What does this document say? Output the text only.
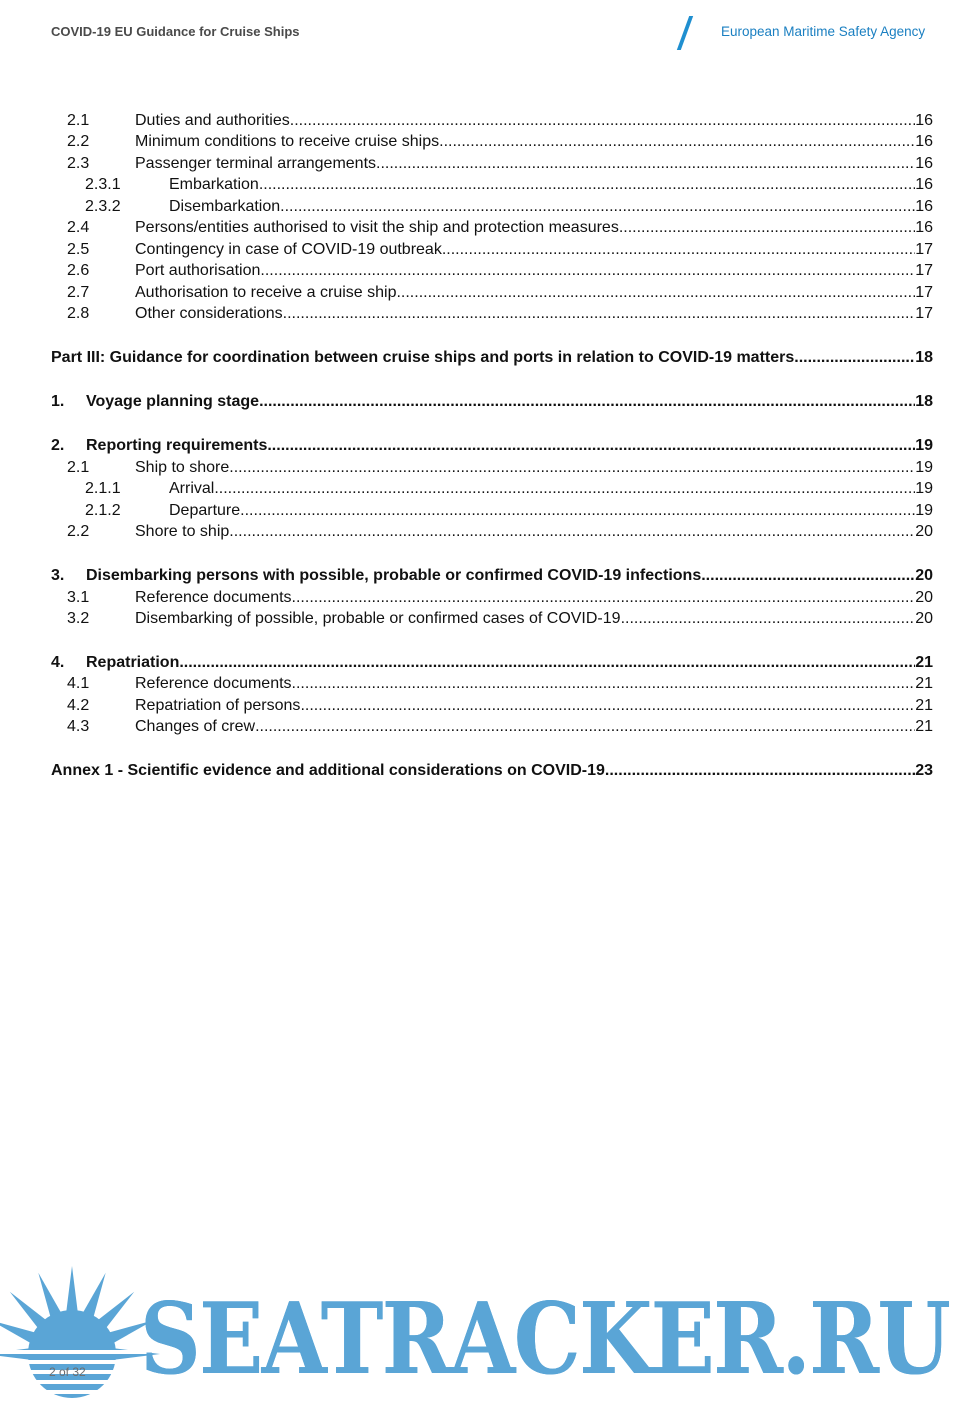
COVID-19 EU Guidance for Cruise Ships	European Maritime Safety Agency
2.1	Duties and authorities .....	16
2.2	Minimum conditions to receive cruise ships .....	16
2.3	Passenger terminal arrangements .....	16
2.3.1	Embarkation .....	16
2.3.2	Disembarkation .....	16
2.4	Persons/entities authorised to visit the ship and protection measures .....	16
2.5	Contingency in case of COVID-19 outbreak .....	17
2.6	Port authorisation .....	17
2.7	Authorisation to receive a cruise ship .....	17
2.8	Other considerations .....	17
Part III: Guidance for coordination between cruise ships and ports in relation to COVID-19 matters .....	18
1. Voyage planning stage .....	18
2. Reporting requirements .....	19
2.1	Ship to shore .....	19
2.1.1	Arrival .....	19
2.1.2	Departure .....	19
2.2	Shore to ship .....	20
3. Disembarking persons with possible, probable or confirmed COVID-19 infections .....	20
3.1	Reference documents .....	20
3.2	Disembarking of possible, probable or confirmed cases of COVID-19 .....	20
4. Repatriation .....	21
4.1	Reference documents .....	21
4.2	Repatriation of persons .....	21
4.3	Changes of crew .....	21
Annex 1 - Scientific evidence and additional considerations on COVID-19 .....	23
SEATRACKER.RU
2 of 32
